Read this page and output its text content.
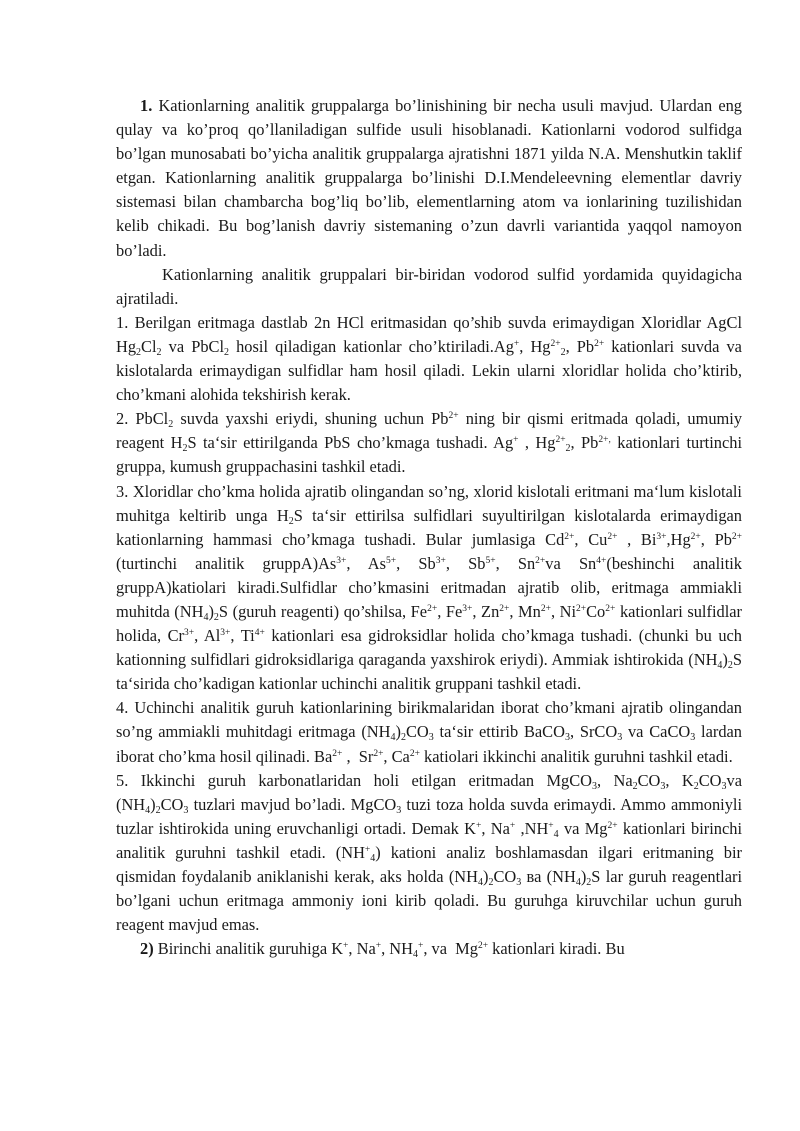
1. Kationlarning analitik gruppalarga bo’linishining bir necha usuli mavjud. Ulardan eng qulay va ko’proq qo’llaniladigan sulfide usuli hisoblanadi. Kationlarni vodorod sulfidga bo’lgan munosabati bo’yicha analitik gruppalarga ajratishni 1871 yilda N.A. Menshutkin taklif etgan. Kationlarning analitik gruppalarga bo’linishi D.I.Mendeleevning elementlar davriy sistemasi bilan chambarcha bog’liq bo’lib, elementlarning atom va ionlarining tuzilishidan kelib chikadi. Bu bog’lanish davriy sistemaning o’zun davrli variantida yaqqol namoyon bo’ladi.

Kationlarning analitik gruppalari bir-biridan vodorod sulfid yordamida quyidagicha ajratiladi.

1. Berilgan eritmaga dastlab 2n HCl eritmasidan qo’shib suvda erimaydigan Xloridlar AgCl $Hg_2Cl_2$ va PbCl$_2$ hosil qiladigan kationlar cho’ktiriladi.Ag+, $Hg^{2+}_2$, $Pb^{2+}$ kationlari suvda va kislotalarda erimaydigan sulfidlar ham hosil qiladi. Lekin ularni xloridlar holida cho’ktirib, cho’kmani alohida tekshirish kerak.

2. PbCl$_2$ suvda yaxshi eriydi, shuning uchun $Pb^{2+}$ ning bir qismi eritmada qoladi, umumiy reagent $H_2S$ ta‘sir ettirilganda PbS cho’kmaga tushadi. Ag+ , $Hg^{2+}_2$, $Pb^{2+,}$ kationlari turtinchi gruppa, kumush gruppachasini tashkil etadi.

3. Xloridlar cho’kma holida ajratib olingandan so’ng, xlorid kislotali eritmani ma‘lum kislotali muhitga keltirib unga $H_2S$ ta‘sir ettirilsa sulfidlari suyultirilgan kislotalarda erimaydigan kationlarning hammasi cho’kmaga tushadi. Bular jumlasiga $Cd^{2+}$, $Cu^{2+}$ , $Bi^{3+},Hg^{2+}$, $Pb^{2+}$ (turtinchi analitik $gruppA)As^{3+}$, $As^{5+}$, $Sb^{3+}$, $Sb^{5+}$, $Sn^{2+}va$ $Sn^{4+}(beshinchi$ analitik gruppA)katiolari kiradi.Sulfidlar cho’kmasini eritmadan ajratib olib, eritmaga ammiakli muhitda $(NH_4)_2S$ (guruh reagenti) qo’shilsa, $Fe^{2+}$, $Fe^{3+}$, $Zn^{2+}$, $Mn^{2+}$, $Ni^{2+}Co^{2+}$ kationlari sulfidlar holida, $Cr^{3+}$, $Al^{3+}$, $Ti^{4+}$ kationlari esa gidroksidlar holida cho’kmaga tushadi. (chunki bu uch kationning sulfidlari gidroksidlariga qaraganda yaxshirok eriydi). Ammiak ishtirokida $(NH_4)_2S$ ta‘sirida cho’kadigan kationlar uchinchi analitik gruppani tashkil etadi.

4. Uchinchi analitik guruh kationlarining birikmalaridan iborat cho’kmani ajratib olingandan so’ng ammiakli muhitdagi eritmaga $(NH_4)_2CO_3$ ta‘sir ettirib BaCO$_3$, SrCO$_3$ va CaCO$_3$ lardan iborat cho’kma hosil qilinadi. $Ba^{2+}$ ,  $Sr^{2+}$, $Ca^{2+}$ katiolari ikkinchi analitik guruhni tashkil etadi.

5. Ikkinchi guruh karbonatlaridan holi etilgan eritmadan MgCO$_3$, $Na_2CO_3$, $K_2CO_3va$ $(NH_4)_2CO_3$ tuzlari mavjud bo’ladi. MgCO$_3$ tuzi toza holda suvda erimaydi. Ammo ammoniyli tuzlar ishtirokida uning eruvchanligi ortadi. Demak K+, Na+ $,NH^+_4$ va $Mg^{2+}$ kationlari birinchi analitik guruhni tashkil etadi. $(NH^+_4)$ kationi analiz boshlamasdan ilgari eritmaning bir qismidan foydalanib aniklanishi kerak, aks holda $(NH_4)_2CO_3$ ва $(NH_4)_2S$ lar guruh reagentlari bo’lgani uchun eritmaga ammoniy ioni kirib qoladi. Bu guruhga kiruvchilar uchun guruh reagent mavjud emas.

2) Birinchi analitik guruhiga K+, Na+, $NH_4^+$, va  $Mg^{2+}$ kationlari kiradi. Bu
